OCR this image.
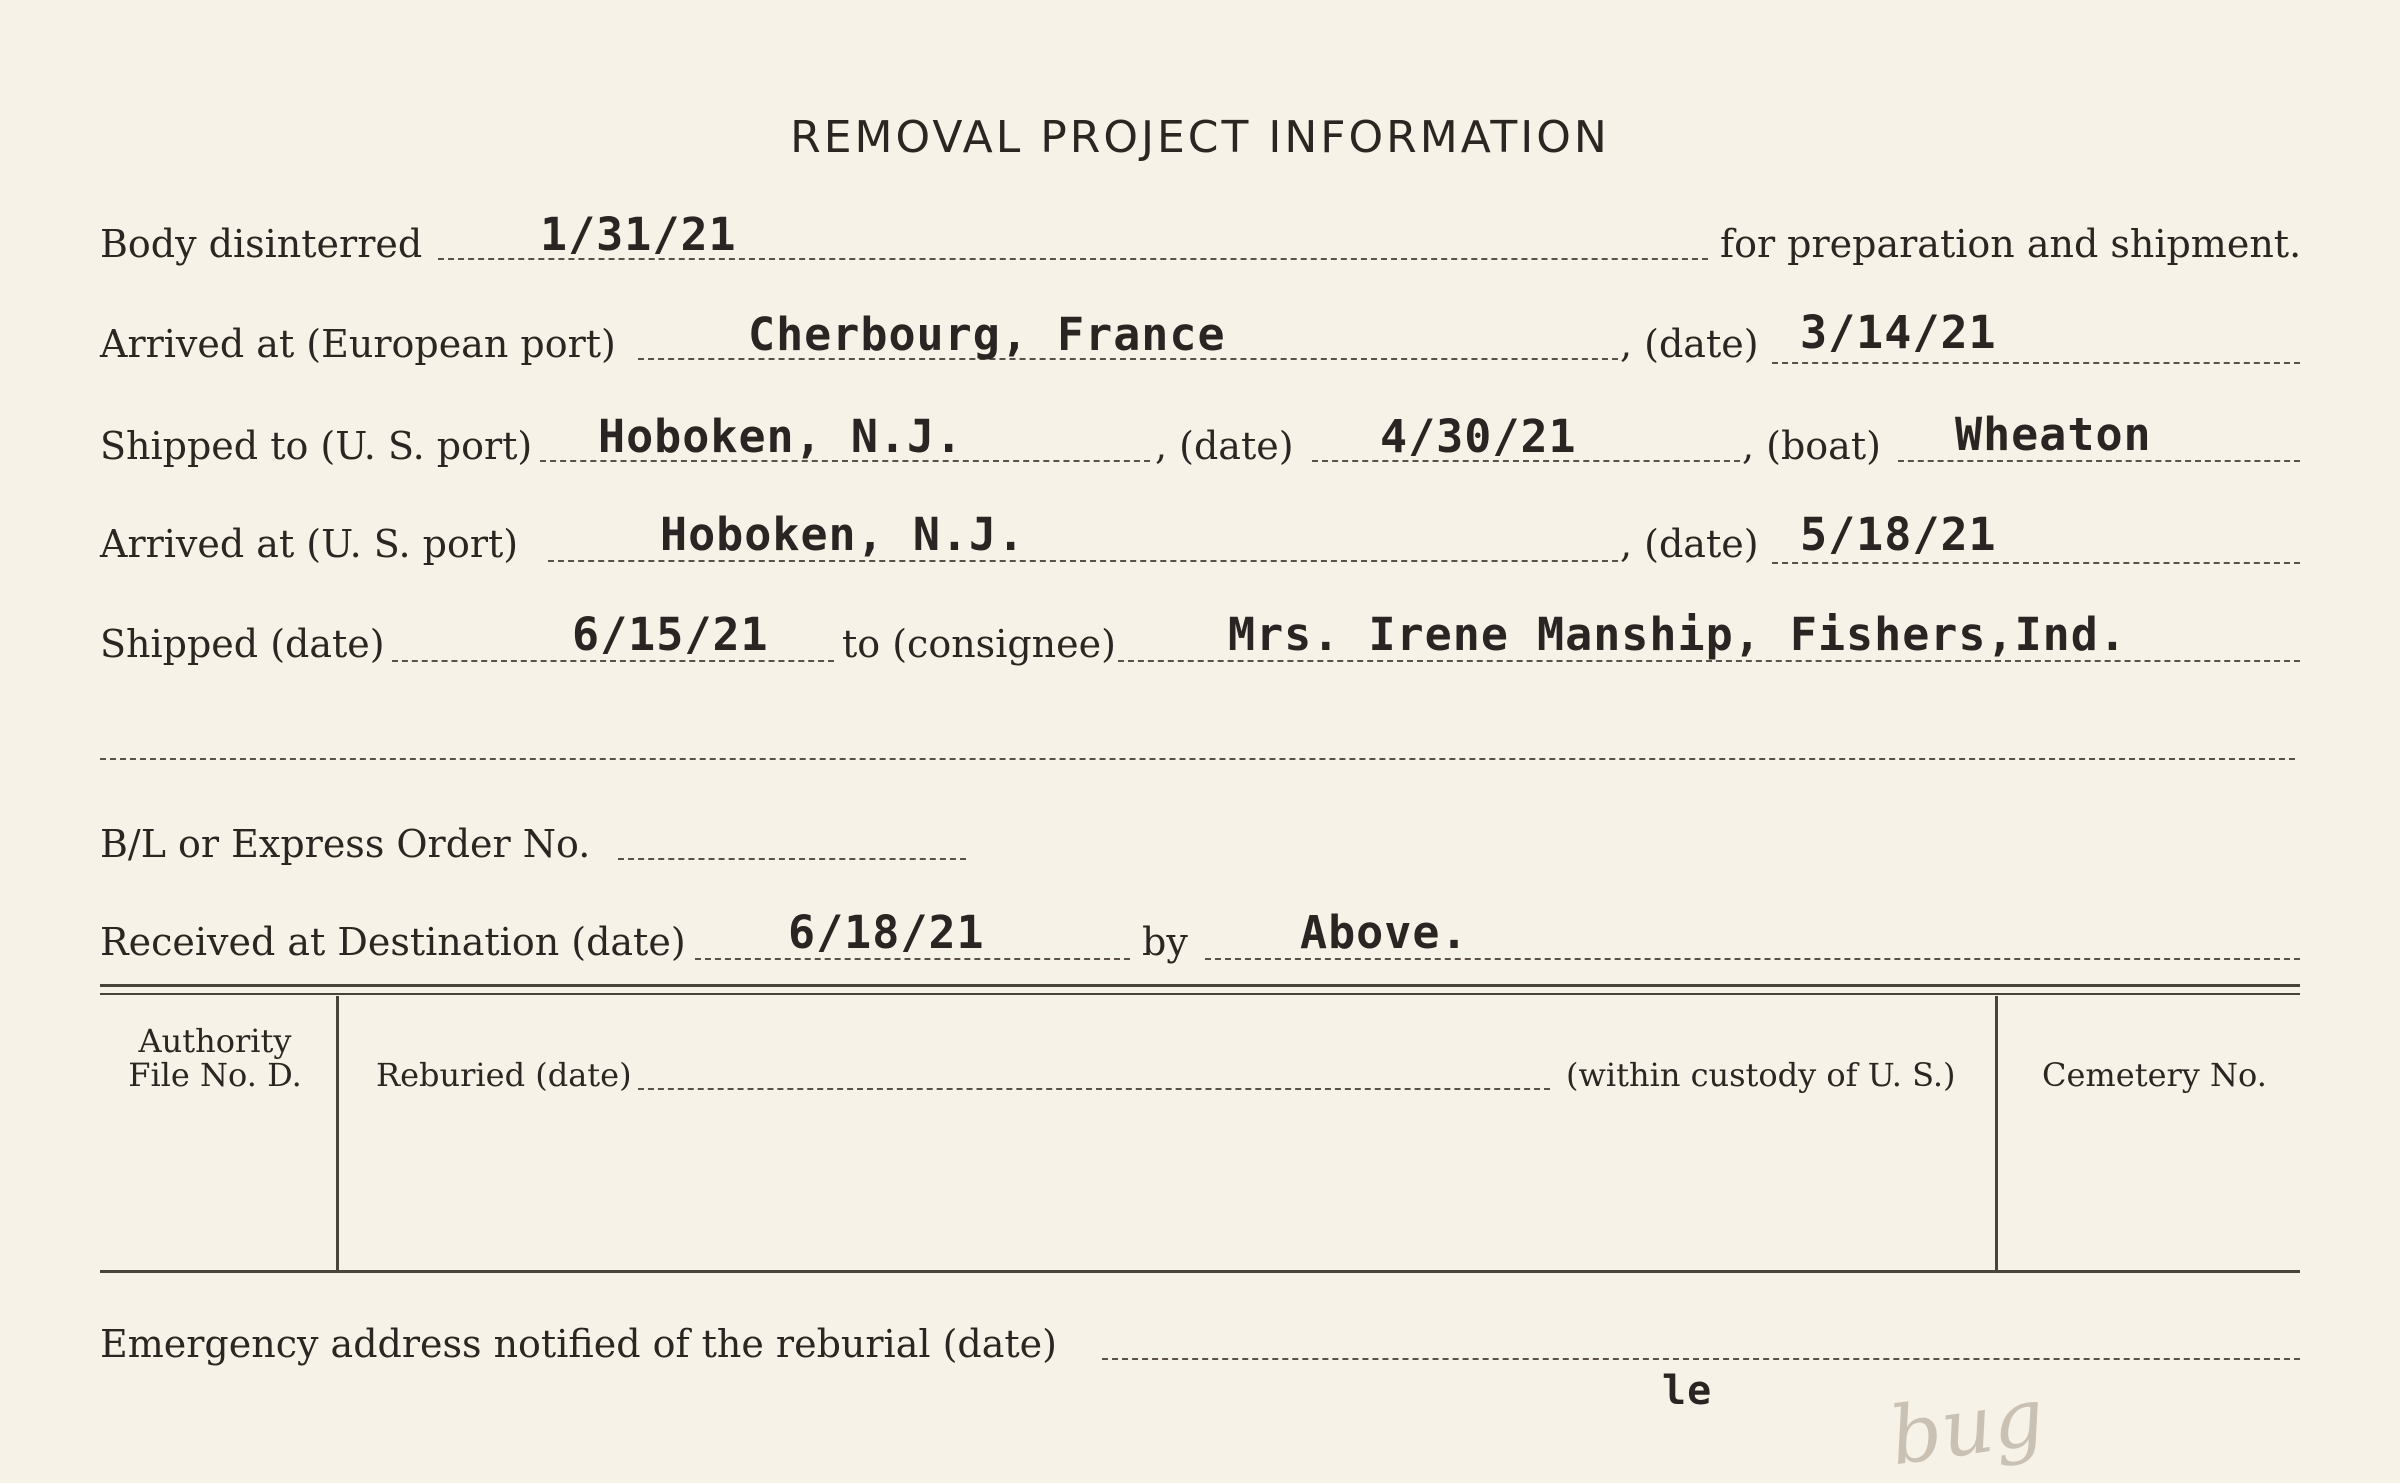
REMOVAL PROJECT INFORMATION
Body disinterred	1/31/21	for preparation and shipment.
Arrived at (European port)	Cherbourg, France	, (date) 3/14/21
Shipped to (U. S. port) Hoboken, N.J.	, (date) 4/30/21	, (boat) Wheaton
Arrived at (U. S. port)	Hoboken, N.J.	, (date) 5/18/21
Shipped (date)	6/15/21 to (consignee) Mrs. Irene Manship, Fishers,Ind.
B/L or Express Order No.
Received at Destination (date) 6/18/21	by Above.
Authority File No. D.	Reburied (date)	(within custody of U. S.)	Cemetery No.
Emergency address notified of the reburial (date)
le bug
